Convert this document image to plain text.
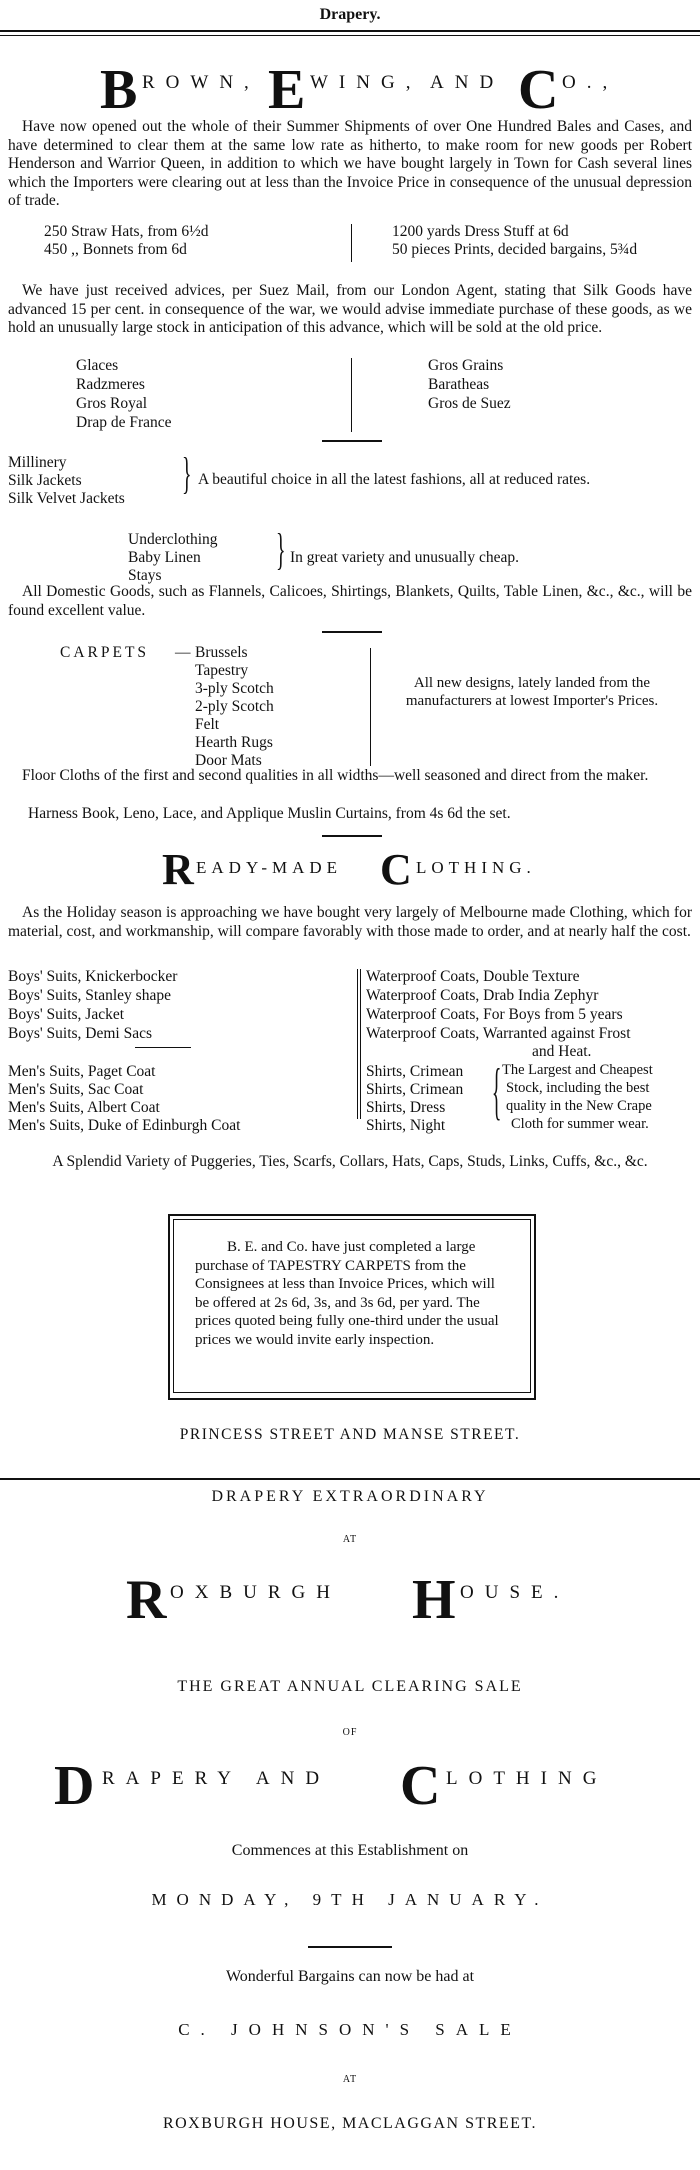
Drapery.
B ROWN, E WING, AND C O.,
Have now opened out the whole of their Summer Shipments of over One Hundred Bales and Cases, and have determined to clear them at the same low rate as hitherto, to make room for new goods per Robert Henderson and Warrior Queen, in addition to which we have bought largely in Town for Cash several lines which the Importers were clearing out at less than the Invoice Price in consequence of the unusual depression of trade.
250 Straw Hats, from 6½d
450 ,, Bonnets from 6d
1200 yards Dress Stuff at 6d
50 pieces Prints, decided bargains, 5¾d
We have just received advices, per Suez Mail, from our London Agent, stating that Silk Goods have advanced 15 per cent. in consequence of the war, we would advise immediate purchase of these goods, as we hold an unusually large stock in anticipation of this advance, which will be sold at the old price.
Glaces
Radzmeres
Gros Royal
Drap de France
Gros Grains
Baratheas
Gros de Suez
Millinery
Silk Jackets
Silk Velvet Jackets
} A beautiful choice in all the latest fashions, all at reduced rates.
Underclothing
Baby Linen
Stays
} In great variety and unusually cheap.
All Domestic Goods, such as Flannels, Calicoes, Shirtings, Blankets, Quilts, Table Linen, &c., &c., will be found excellent value.
CARPETS — Brussels
Tapestry
3-ply Scotch
2-ply Scotch
Felt
Hearth Rugs
Door Mats
All new designs, lately landed from the manufacturers at lowest Importer's Prices.
Floor Cloths of the first and second qualities in all widths—well seasoned and direct from the maker.
Harness Book, Leno, Lace, and Applique Muslin Curtains, from 4s 6d the set.
R EADY-MADE C LOTHING.
As the Holiday season is approaching we have bought very largely of Melbourne made Clothing, which for material, cost, and workmanship, will compare favorably with those made to order, and at nearly half the cost.
Boys' Suits, Knickerbocker
Boys' Suits, Stanley shape
Boys' Suits, Jacket
Boys' Suits, Demi Sacs
Waterproof Coats, Double Texture
Waterproof Coats, Drab India Zephyr
Waterproof Coats, For Boys from 5 years
Waterproof Coats, Warranted against Frost
and Heat.
Men's Suits, Paget Coat
Men's Suits, Sac Coat
Men's Suits, Albert Coat
Men's Suits, Duke of Edinburgh Coat
Shirts, Crimean
Shirts, Crimean
Shirts, Dress
Shirts, Night } The Largest and Cheapest
Stock, including the best
quality in the New Crape
Cloth for summer wear.
A Splendid Variety of Puggeries, Ties, Scarfs, Collars, Hats, Caps, Studs, Links, Cuffs, &c., &c.
B. E. and Co. have just completed a large purchase of TAPESTRY CARPETS from the Consignees at less than Invoice Prices, which will be offered at 2s 6d, 3s, and 3s 6d, per yard. The prices quoted being fully one-third under the usual prices we would invite early inspection.
PRINCESS STREET AND MANSE STREET.
DRAPERY EXTRAORDINARY
AT
R OXBURGH H OUSE.
THE GREAT ANNUAL CLEARING SALE
OF
D RAPERY AND C LOTHING
Commences at this Establishment on
MONDAY, 9TH JANUARY.
Wonderful Bargains can now be had at
C. JOHNSON'S SALE
AT
ROXBURGH HOUSE, MACLAGGAN STREET.
